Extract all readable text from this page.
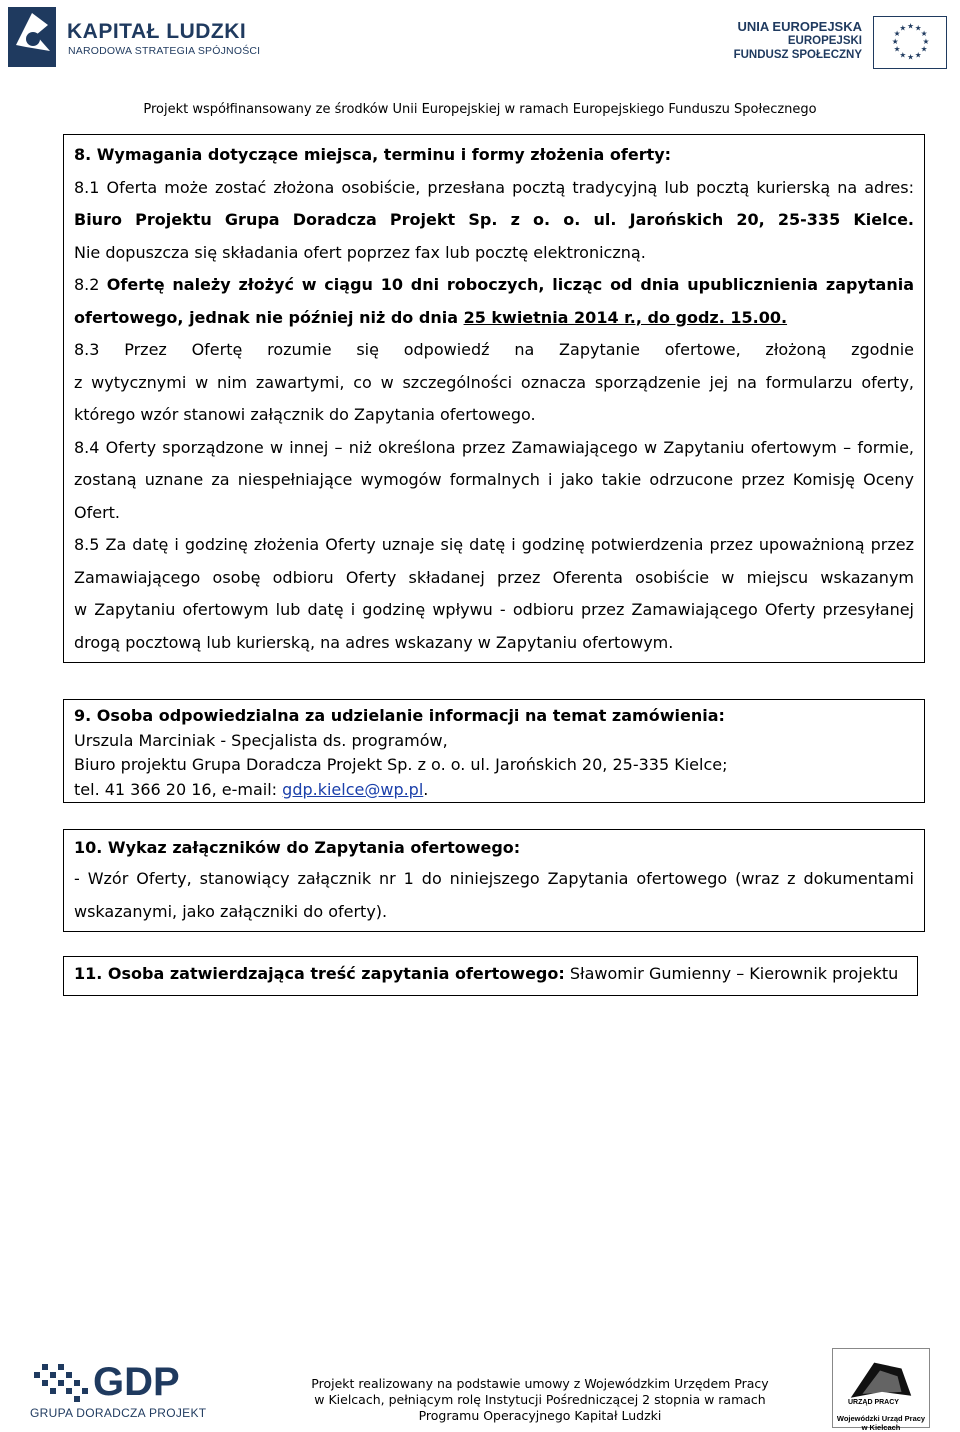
KAPITAŁ LUDZKI
NARODOWA STRATEGIA SPÓJNOŚCI
UNIA EUROPEJSKA
EUROPEJSKI
FUNDUSZ SPOŁECZNY
★ ★
★
★
★
★
★
★
★
★
★
★
Projekt współfinansowany ze środków Unii Europejskiej w ramach Europejskiego Funduszu Społecznego

8. Wymagania dotyczące miejsca, terminu i formy złożenia oferty:

8.1 Oferta może zostać złożona osobiście, przesłana pocztą tradycyjną lub pocztą kurierską na adres:

Biuro Projektu Grupa Doradcza Projekt Sp. z o. o. ul. Jarońskich 20, 25-335 Kielce.

Nie dopuszcza się składania ofert poprzez fax lub pocztę elektroniczną.

8.2 Ofertę należy złożyć w ciągu 10 dni roboczych, licząc od dnia upublicznienia zapytania

ofertowego, jednak nie później niż do dnia 25 kwietnia 2014 r., do godz. 15.00.

8.3 Przez Ofertę rozumie się odpowiedź na Zapytanie ofertowe, złożoną zgodnie

z wytycznymi w nim zawartymi, co w szczególności oznacza sporządzenie jej na formularzu oferty,

którego wzór stanowi załącznik do Zapytania ofertowego.

8.4 Oferty sporządzone w innej – niż określona przez Zamawiającego w Zapytaniu ofertowym – formie,

zostaną uznane za niespełniające wymogów formalnych i jako takie odrzucone przez Komisję Oceny

Ofert.

8.5 Za datę i godzinę złożenia Oferty uznaje się datę i godzinę potwierdzenia przez upoważnioną przez

Zamawiającego osobę odbioru Oferty składanej przez Oferenta osobiście w miejscu wskazanym

w Zapytaniu ofertowym lub datę i godzinę wpływu - odbioru przez Zamawiającego Oferty przesyłanej

drogą pocztową lub kurierską, na adres wskazany w Zapytaniu ofertowym.

9. Osoba odpowiedzialna za udzielanie informacji na temat zamówienia:

Urszula Marciniak - Specjalista ds. programów,

Biuro projektu Grupa Doradcza Projekt Sp. z o. o. ul. Jarońskich 20, 25-335 Kielce;

tel. 41 366 20 16, e-mail: gdp.kielce@wp.pl.

10. Wykaz załączników do Zapytania ofertowego:

- Wzór Oferty, stanowiący załącznik nr 1 do niniejszego Zapytania ofertowego (wraz z dokumentami

wskazanymi, jako załączniki do oferty).

11. Osoba zatwierdzająca treść zapytania ofertowego: Sławomir Gumienny – Kierownik projektu

GDP
GRUPA DORADCZA PROJEKT
Projekt realizowany na podstawie umowy z Wojewódzkim Urzędem Pracy
w Kielcach, pełniącym rolę Instytucji Pośredniczącej 2 stopnia w ramach
Programu Operacyjnego Kapitał Ludzki
URZĄD PRACY
Wojewódzki Urząd Pracy
w Kielcach
